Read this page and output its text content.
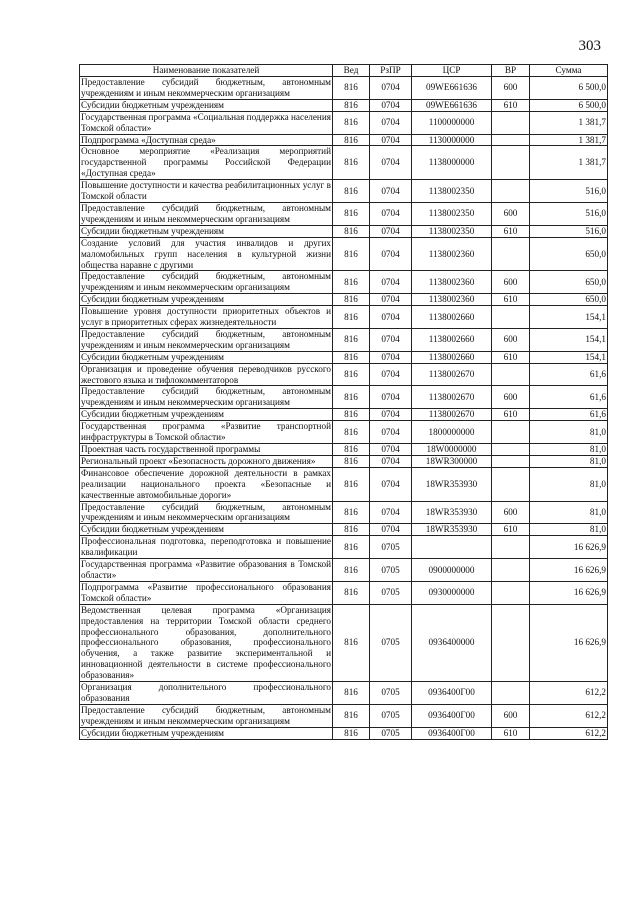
303
Наименование показателей	Вед	РзПР	ЦСР	ВР	Сумма
Предоставление субсидий бюджетным, автономным учреждениям и иным некоммерческим организациям	816	0704	09WE661636	600	6 500,0
Субсидии бюджетным учреждениям	816	0704	09WE661636	610	6 500,0
Государственная программа «Социальная поддержка населения Томской области»	816	0704	1100000000		1 381,7
Подпрограмма «Доступная среда»	816	0704	1130000000		1 381,7
Основное мероприятие «Реализация мероприятий государственной программы Российской Федерации «Доступная среда»	816	0704	1138000000		1 381,7
Повышение доступности и качества реабилитационных услуг в Томской области	816	0704	1138002350		516,0
Предоставление субсидий бюджетным, автономным учреждениям и иным некоммерческим организациям	816	0704	1138002350	600	516,0
Субсидии бюджетным учреждениям	816	0704	1138002350	610	516,0
Создание условий для участия инвалидов и других маломобильных групп населения в культурной жизни общества наравне с другими	816	0704	1138002360		650,0
Предоставление субсидий бюджетным, автономным учреждениям и иным некоммерческим организациям	816	0704	1138002360	600	650,0
Субсидии бюджетным учреждениям	816	0704	1138002360	610	650,0
Повышение уровня доступности приоритетных объектов и услуг в приоритетных сферах жизнедеятельности	816	0704	1138002660		154,1
Предоставление субсидий бюджетным, автономным учреждениям и иным некоммерческим организациям	816	0704	1138002660	600	154,1
Субсидии бюджетным учреждениям	816	0704	1138002660	610	154,1
Организация и проведение обучения переводчиков русского жестового языка и тифлокомментаторов	816	0704	1138002670		61,6
Предоставление субсидий бюджетным, автономным учреждениям и иным некоммерческим организациям	816	0704	1138002670	600	61,6
Субсидии бюджетным учреждениям	816	0704	1138002670	610	61,6
Государственная программа «Развитие транспортной инфраструктуры в Томской области»	816	0704	1800000000		81,0
Проектная часть государственной программы	816	0704	18W0000000		81,0
Региональный проект «Безопасность дорожного движения»	816	0704	18WR300000		81,0
Финансовое обеспечение дорожной деятельности в рамках реализации национального проекта «Безопасные и качественные автомобильные дороги»	816	0704	18WR353930		81,0
Предоставление субсидий бюджетным, автономным учреждениям и иным некоммерческим организациям	816	0704	18WR353930	600	81,0
Субсидии бюджетным учреждениям	816	0704	18WR353930	610	81,0
Профессиональная подготовка, переподготовка и повышение квалификации	816	0705			16 626,9
Государственная программа «Развитие образования в Томской области»	816	0705	0900000000		16 626,9
Подпрограмма «Развитие профессионального образования Томской области»	816	0705	0930000000		16 626,9
Ведомственная целевая программа «Организация предоставления на территории Томской области среднего профессионального образования, дополнительного профессионального образования, профессионального обучения, а также развитие экспериментальной и инновационной деятельности в системе профессионального образования»	816	0705	0936400000		16 626,9
Организация дополнительного профессионального образования	816	0705	0936400Г00		612,2
Предоставление субсидий бюджетным, автономным учреждениям и иным некоммерческим организациям	816	0705	0936400Г00	600	612,2
Субсидии бюджетным учреждениям	816	0705	0936400Г00	610	612,2
